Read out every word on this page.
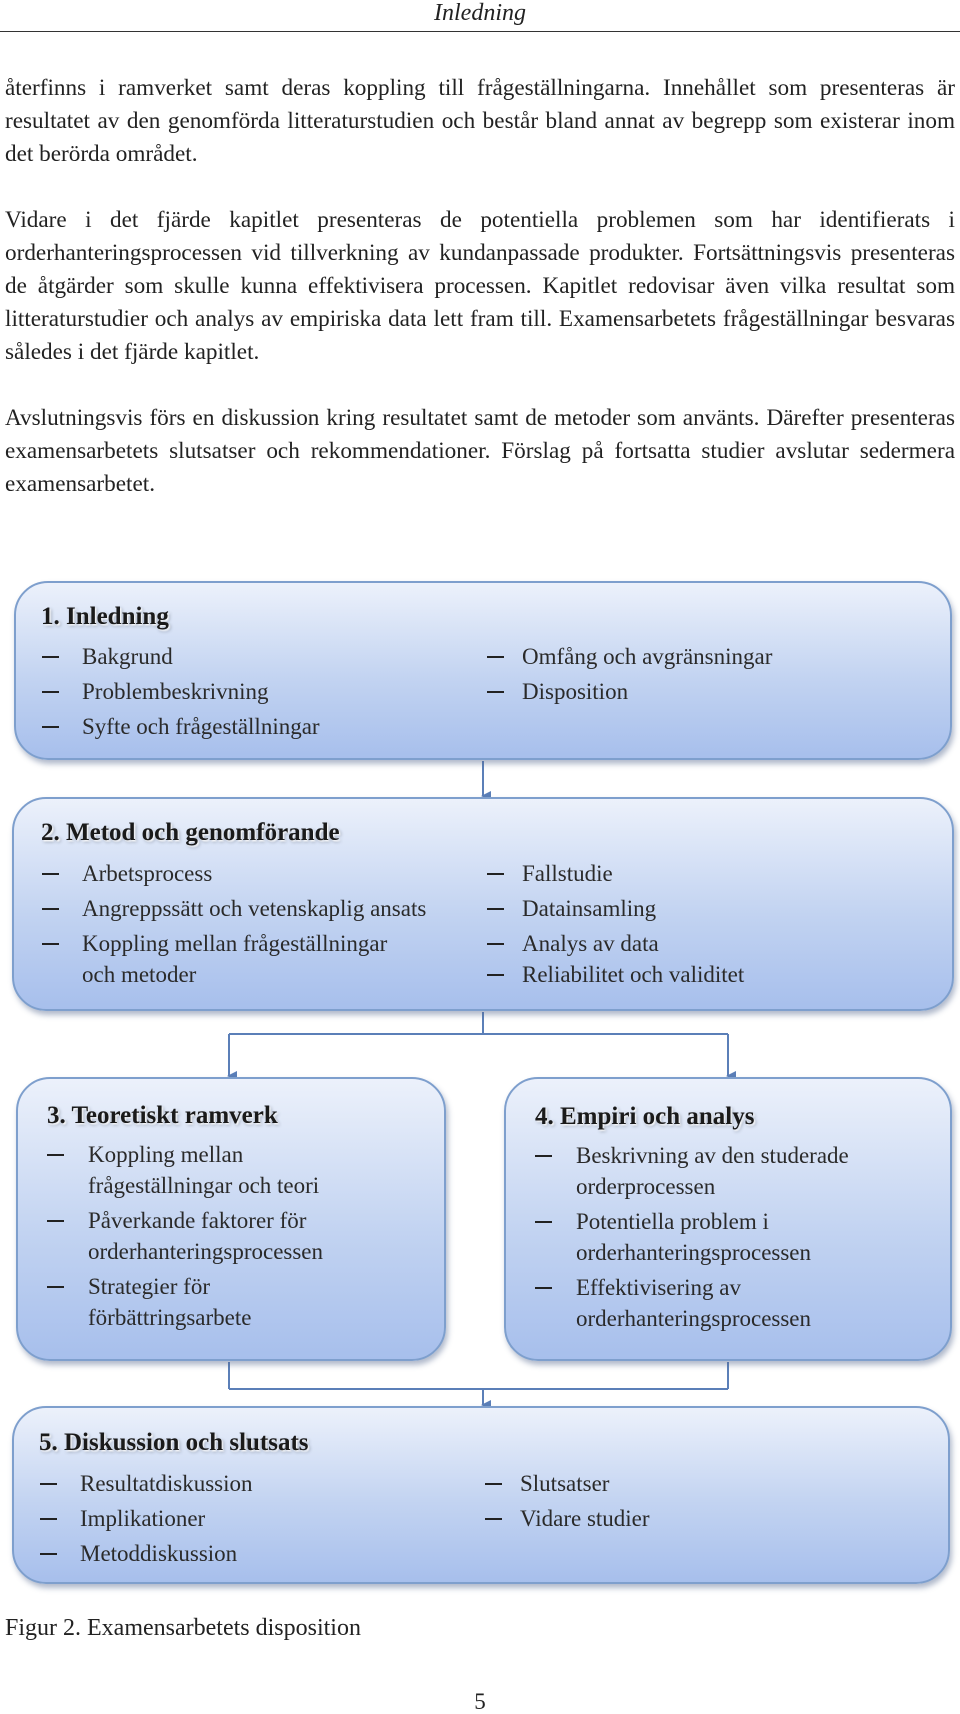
Inledning

återfinns i ramverket samt deras koppling till frågeställningarna. Innehållet som presenteras är resultatet av den genomförda litteraturstudien och består bland annat av begrepp som existerar inom det berörda området.

Vidare i det fjärde kapitlet presenteras de potentiella problemen som har identifierats i orderhanteringsprocessen vid tillverkning av kundanpassade produkter. Fortsättningsvis presenteras de åtgärder som skulle kunna effektivisera processen. Kapitlet redovisar även vilka resultat som litteraturstudier och analys av empiriska data lett fram till. Examensarbetets frågeställningar besvaras således i det fjärde kapitlet.

Avslutningsvis förs en diskussion kring resultatet samt de metoder som använts. Därefter presenteras examensarbetets slutsatser och rekommendationer. Förslag på fortsatta studier avslutar sedermera examensarbetet.

1. Inledning
Bakgrund
Problembeskrivning
Syfte och frågeställningar
Omfång och avgränsningar
Disposition
2. Metod och genomförande
Arbetsprocess
Angreppssätt och vetenskaplig ansats
Koppling mellan frågeställningar
och metoder
Fallstudie
Datainsamling
Analys av data
Reliabilitet och validitet
3. Teoretiskt ramverk
Koppling mellan
frågeställningar och teori
Påverkande faktorer för
orderhanteringsprocessen
Strategier för
förbättringsarbete
4. Empiri och analys
Beskrivning av den studerade
orderprocessen
Potentiella problem i
orderhanteringsprocessen
Effektivisering av
orderhanteringsprocessen
5. Diskussion och slutsats
Resultatdiskussion
Implikationer
Metoddiskussion
Slutsatser
Vidare studier
Figur 2. Examensarbetets disposition
5
